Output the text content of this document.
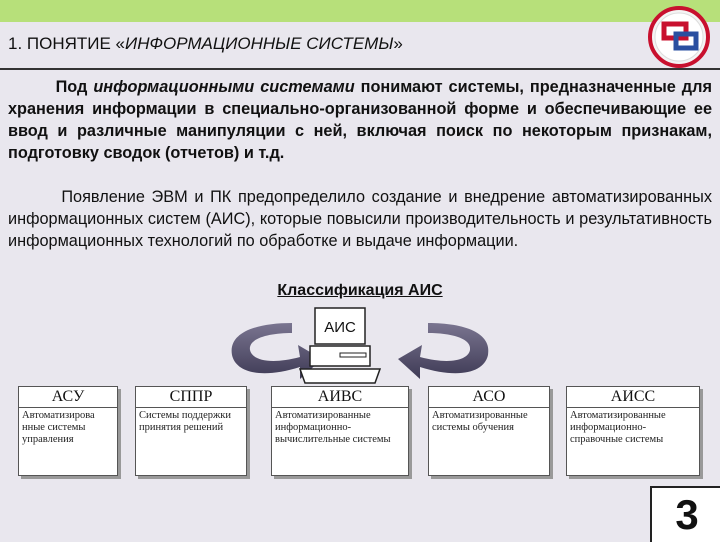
1. ПОНЯТИЕ «ИНФОРМАЦИОННЫЕ СИСТЕМЫ»
Под информационными системами понимают системы, предназначенные для хранения информации в специально-организованной форме и обеспечивающие ее ввод и различные манипуляции с ней, включая поиск по некоторым признакам, подготовку сводок (отчетов) и т.д.
Появление ЭВМ и ПК предопределило создание и внедрение автоматизированных информационных систем (АИС), которые повысили производительность и результативность информационных технологий по обработке и выдаче информации.
Классификация АИС
АИС
АСУ
Автоматизирова нные системы управления
СППР
Системы поддержки принятия решений
АИВС
Автоматизированные информационно-вычислительные системы
АСО
Автоматизированные системы обучения
АИСС
Автоматизированные информационно-справочные системы
3
